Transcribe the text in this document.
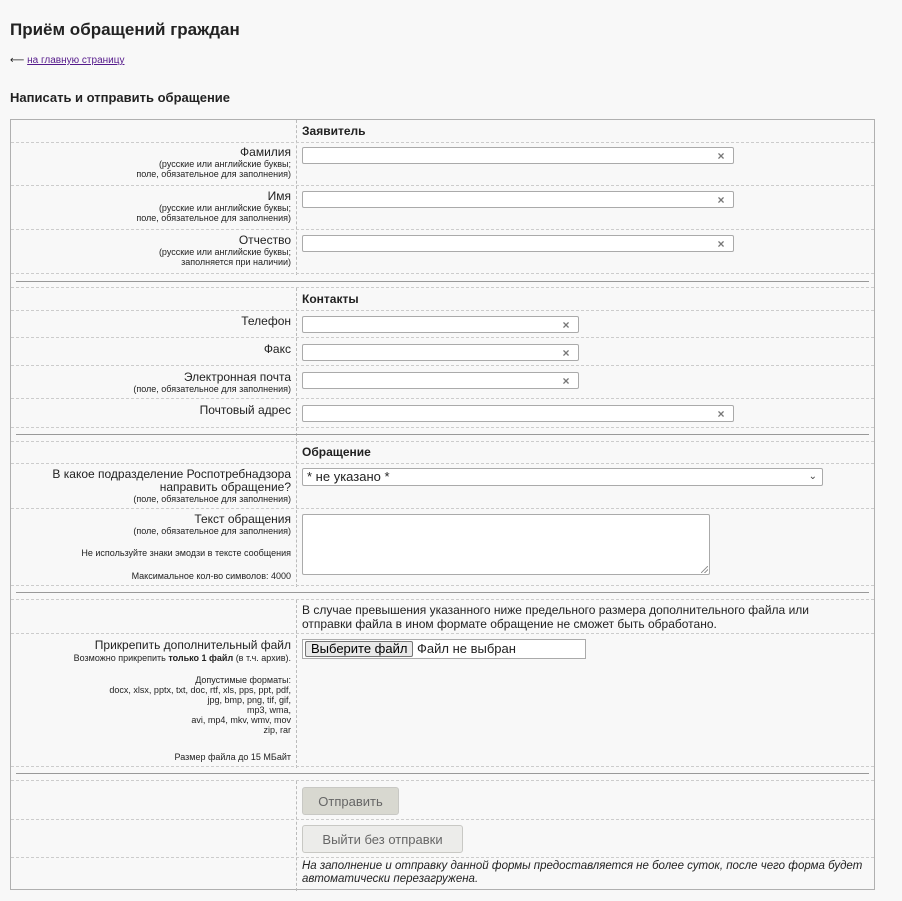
Приём обращений граждан
⟵ на главную страницу
Написать и отправить обращение
Заявитель
Фамилия
(русские или английские буквы;
поле, обязательное для заполнения)
×
Имя
(русские или английские буквы;
поле, обязательное для заполнения)
×
Отчество
(русские или английские буквы;
заполняется при наличии)
×
Контакты
Телефон	×
Факс	×
Электронная почта
(поле, обязательное для заполнения)
×
Почтовый адрес	×
Обращение
В какое подразделение Роспотребнадзора
направить обращение?
(поле, обязательное для заполнения)
* не указано *	⌄
Текст обращения
(поле, обязательное для заполнения)
Не используйте знаки эмодзи в тексте сообщения
Максимальное кол-во символов: 4000
В случае превышения указанного ниже предельного размера дополнительного файла или отправки файла в ином формате обращение не сможет быть обработано.
Прикрепить дополнительный файл
Возможно прикрепить только 1 файл (в т.ч. архив).
Допустимые форматы:
docx, xlsx, pptx, txt, doc, rtf, xls, pps, ppt, pdf,
jpg, bmp, png, tif, gif,
mp3, wma,
avi, mp4, mkv, wmv, mov
zip, rar
Размер файла до 15 МБайт
Выберите файл Файл не выбран
Отправить
Выйти без отправки
На заполнение и отправку данной формы предоставляется не более суток, после чего форма будет автоматически перезагружена.
